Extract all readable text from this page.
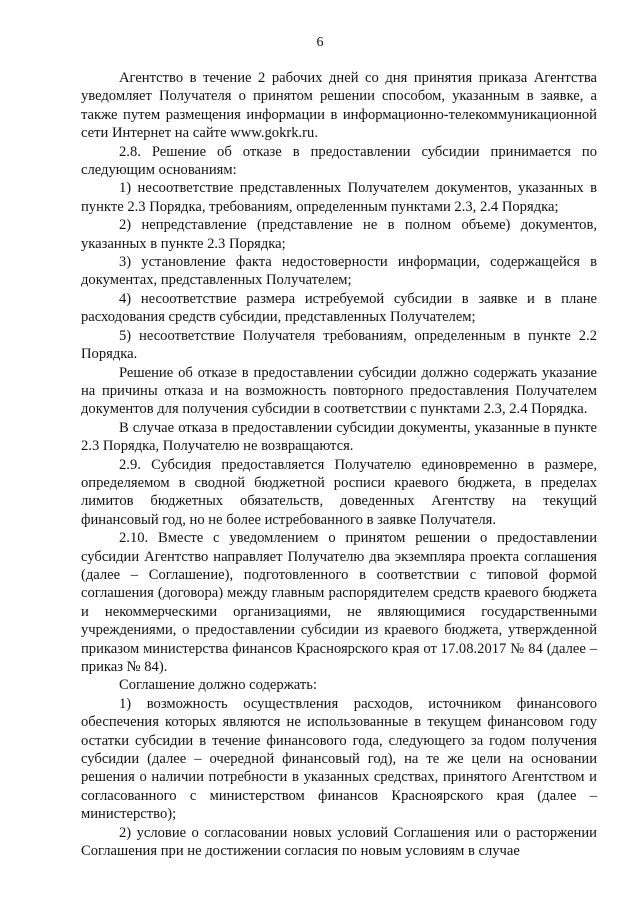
6

Агентство в течение 2 рабочих дней со дня принятия приказа Агентства уведомляет Получателя о принятом решении способом, указанным в заявке, а также путем размещения информации в информационно-телекоммуникационной сети Интернет на сайте www.gokrk.ru.

2.8. Решение об отказе в предоставлении субсидии принимается по следующим основаниям:

1) несоответствие представленных Получателем документов, указанных в пункте 2.3 Порядка, требованиям, определенным пунктами 2.3, 2.4 Порядка;

2) непредставление (представление не в полном объеме) документов, указанных в пункте 2.3 Порядка;

3) установление факта недостоверности информации, содержащейся в документах, представленных Получателем;

4) несоответствие размера истребуемой субсидии в заявке и в плане расходования средств субсидии, представленных Получателем;

5) несоответствие Получателя требованиям, определенным в пункте 2.2 Порядка.

Решение об отказе в предоставлении субсидии должно содержать указание на причины отказа и на возможность повторного предоставления Получателем документов для получения субсидии в соответствии с пунктами 2.3, 2.4 Порядка.

В случае отказа в предоставлении субсидии документы, указанные в пункте 2.3 Порядка, Получателю не возвращаются.

2.9. Субсидия предоставляется Получателю единовременно в размере, определяемом в сводной бюджетной росписи краевого бюджета, в пределах лимитов бюджетных обязательств, доведенных Агентству на текущий финансовый год, но не более истребованного в заявке Получателя.

2.10. Вместе с уведомлением о принятом решении о предоставлении субсидии Агентство направляет Получателю два экземпляра проекта соглашения (далее – Соглашение), подготовленного в соответствии с типовой формой соглашения (договора) между главным распорядителем средств краевого бюджета и некоммерческими организациями, не являющимися государственными учреждениями, о предоставлении субсидии из краевого бюджета, утвержденной приказом министерства финансов Красноярского края от 17.08.2017 № 84 (далее – приказ № 84).

Соглашение должно содержать:

1) возможность осуществления расходов, источником финансового обеспечения которых являются не использованные в текущем финансовом году остатки субсидии в течение финансового года, следующего за годом получения субсидии (далее – очередной финансовый год), на те же цели на основании решения о наличии потребности в указанных средствах, принятого Агентством и согласованного с министерством финансов Красноярского края (далее – министерство);

2) условие о согласовании новых условий Соглашения или о расторжении Соглашения при не достижении согласия по новым условиям в случае
